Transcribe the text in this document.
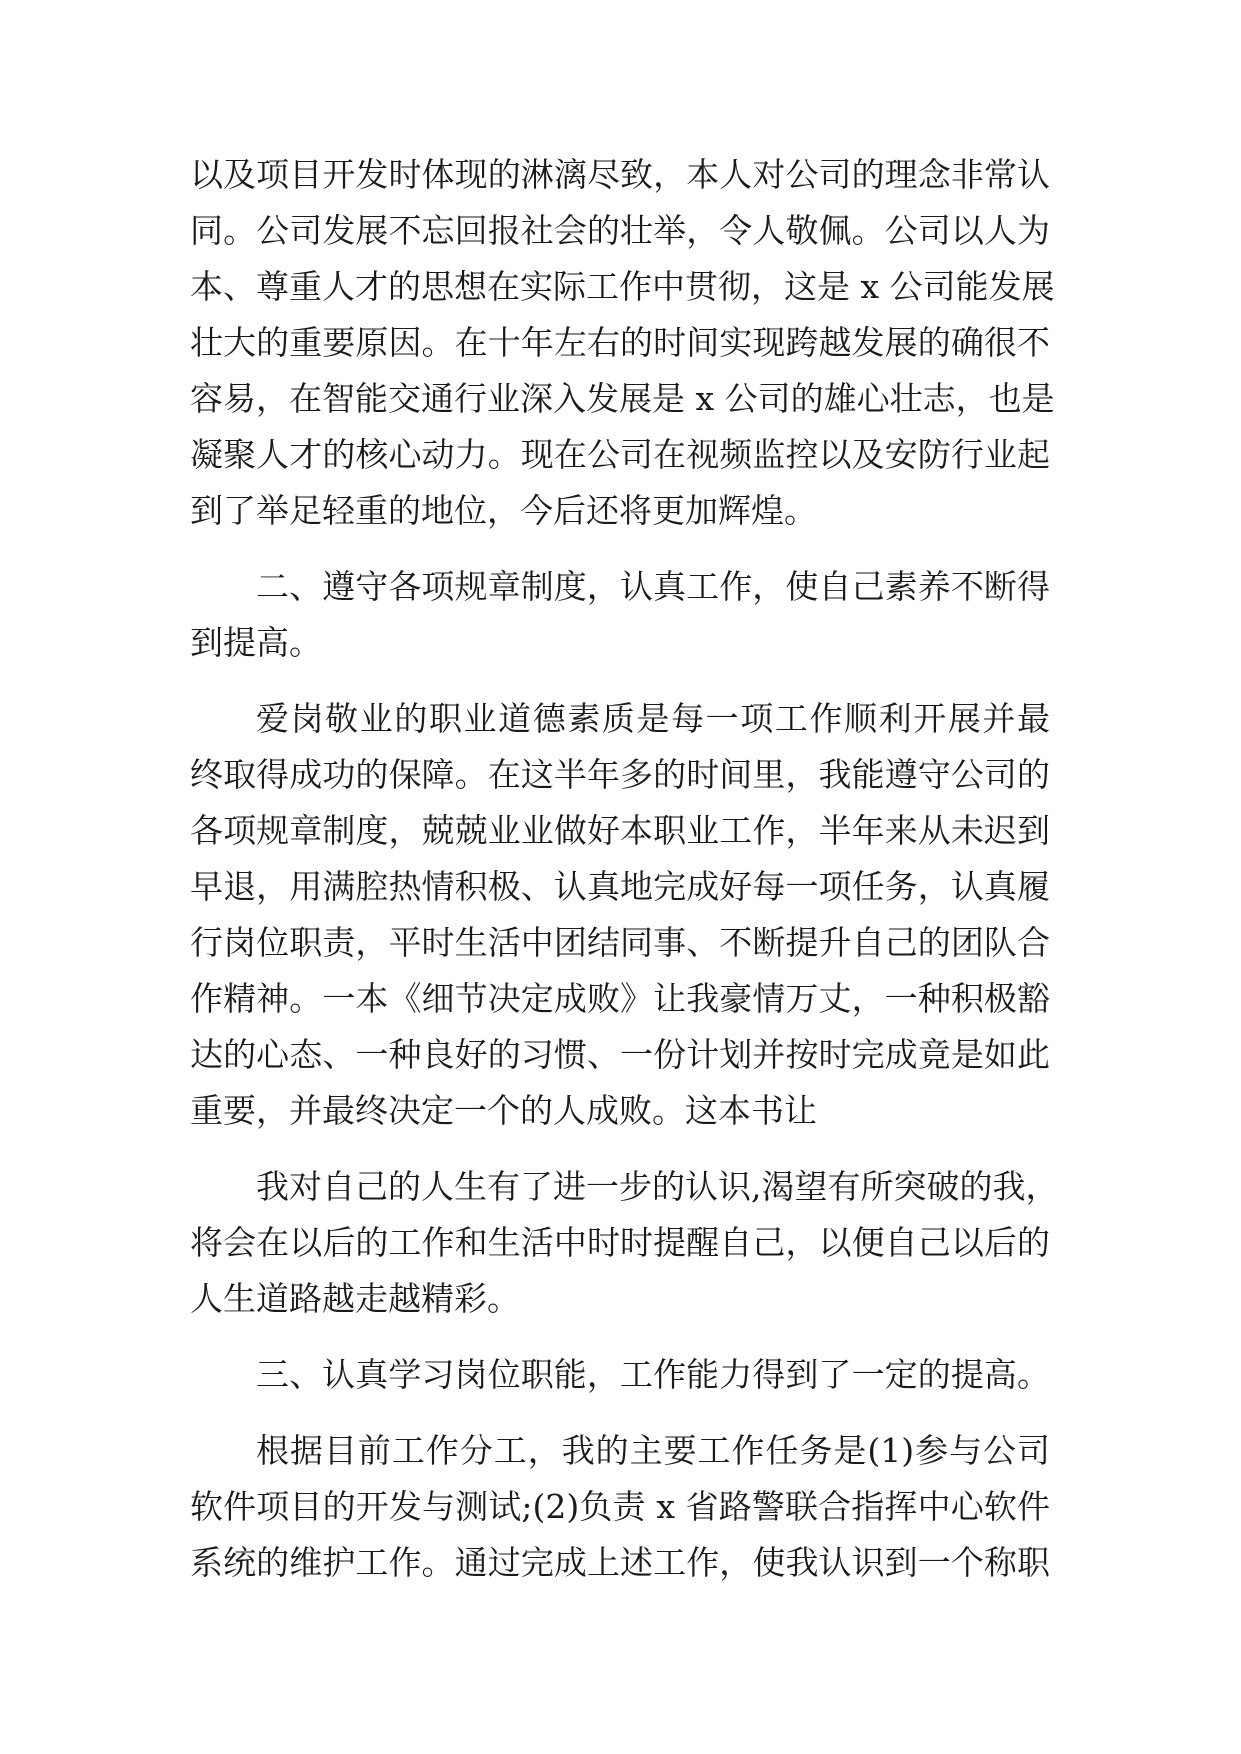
以及项目开发时体现的淋漓尽致，本人对公司的理念非常认
同。公司发展不忘回报社会的壮举，令人敬佩。公司以人为
本、尊重人才的思想在实际工作中贯彻，这是 x 公司能发展
壮大的重要原因。在十年左右的时间实现跨越发展的确很不
容易，在智能交通行业深入发展是 x 公司的雄心壮志，也是
凝聚人才的核心动力。现在公司在视频监控以及安防行业起
到了举足轻重的地位，今后还将更加辉煌。
二、遵守各项规章制度，认真工作，使自己素养不断得
到提高。
爱岗敬业的职业道德素质是每一项工作顺利开展并最
终取得成功的保障。在这半年多的时间里，我能遵守公司的
各项规章制度，兢兢业业做好本职业工作，半年来从未迟到
早退，用满腔热情积极、认真地完成好每一项任务，认真履
行岗位职责，平时生活中团结同事、不断提升自己的团队合
作精神。一本《细节决定成败》让我豪情万丈，一种积极豁
达的心态、一种良好的习惯、一份计划并按时完成竟是如此
重要，并最终决定一个的人成败。这本书让
我对自己的人生有了进一步的认识,渴望有所突破的我，
将会在以后的工作和生活中时时提醒自己，以便自己以后的
人生道路越走越精彩。
三、认真学习岗位职能，工作能力得到了一定的提高。
根据目前工作分工，我的主要工作任务是(1)参与公司
软件项目的开发与测试;(2)负责 x 省路警联合指挥中心软件
系统的维护工作。通过完成上述工作，使我认识到一个称职
